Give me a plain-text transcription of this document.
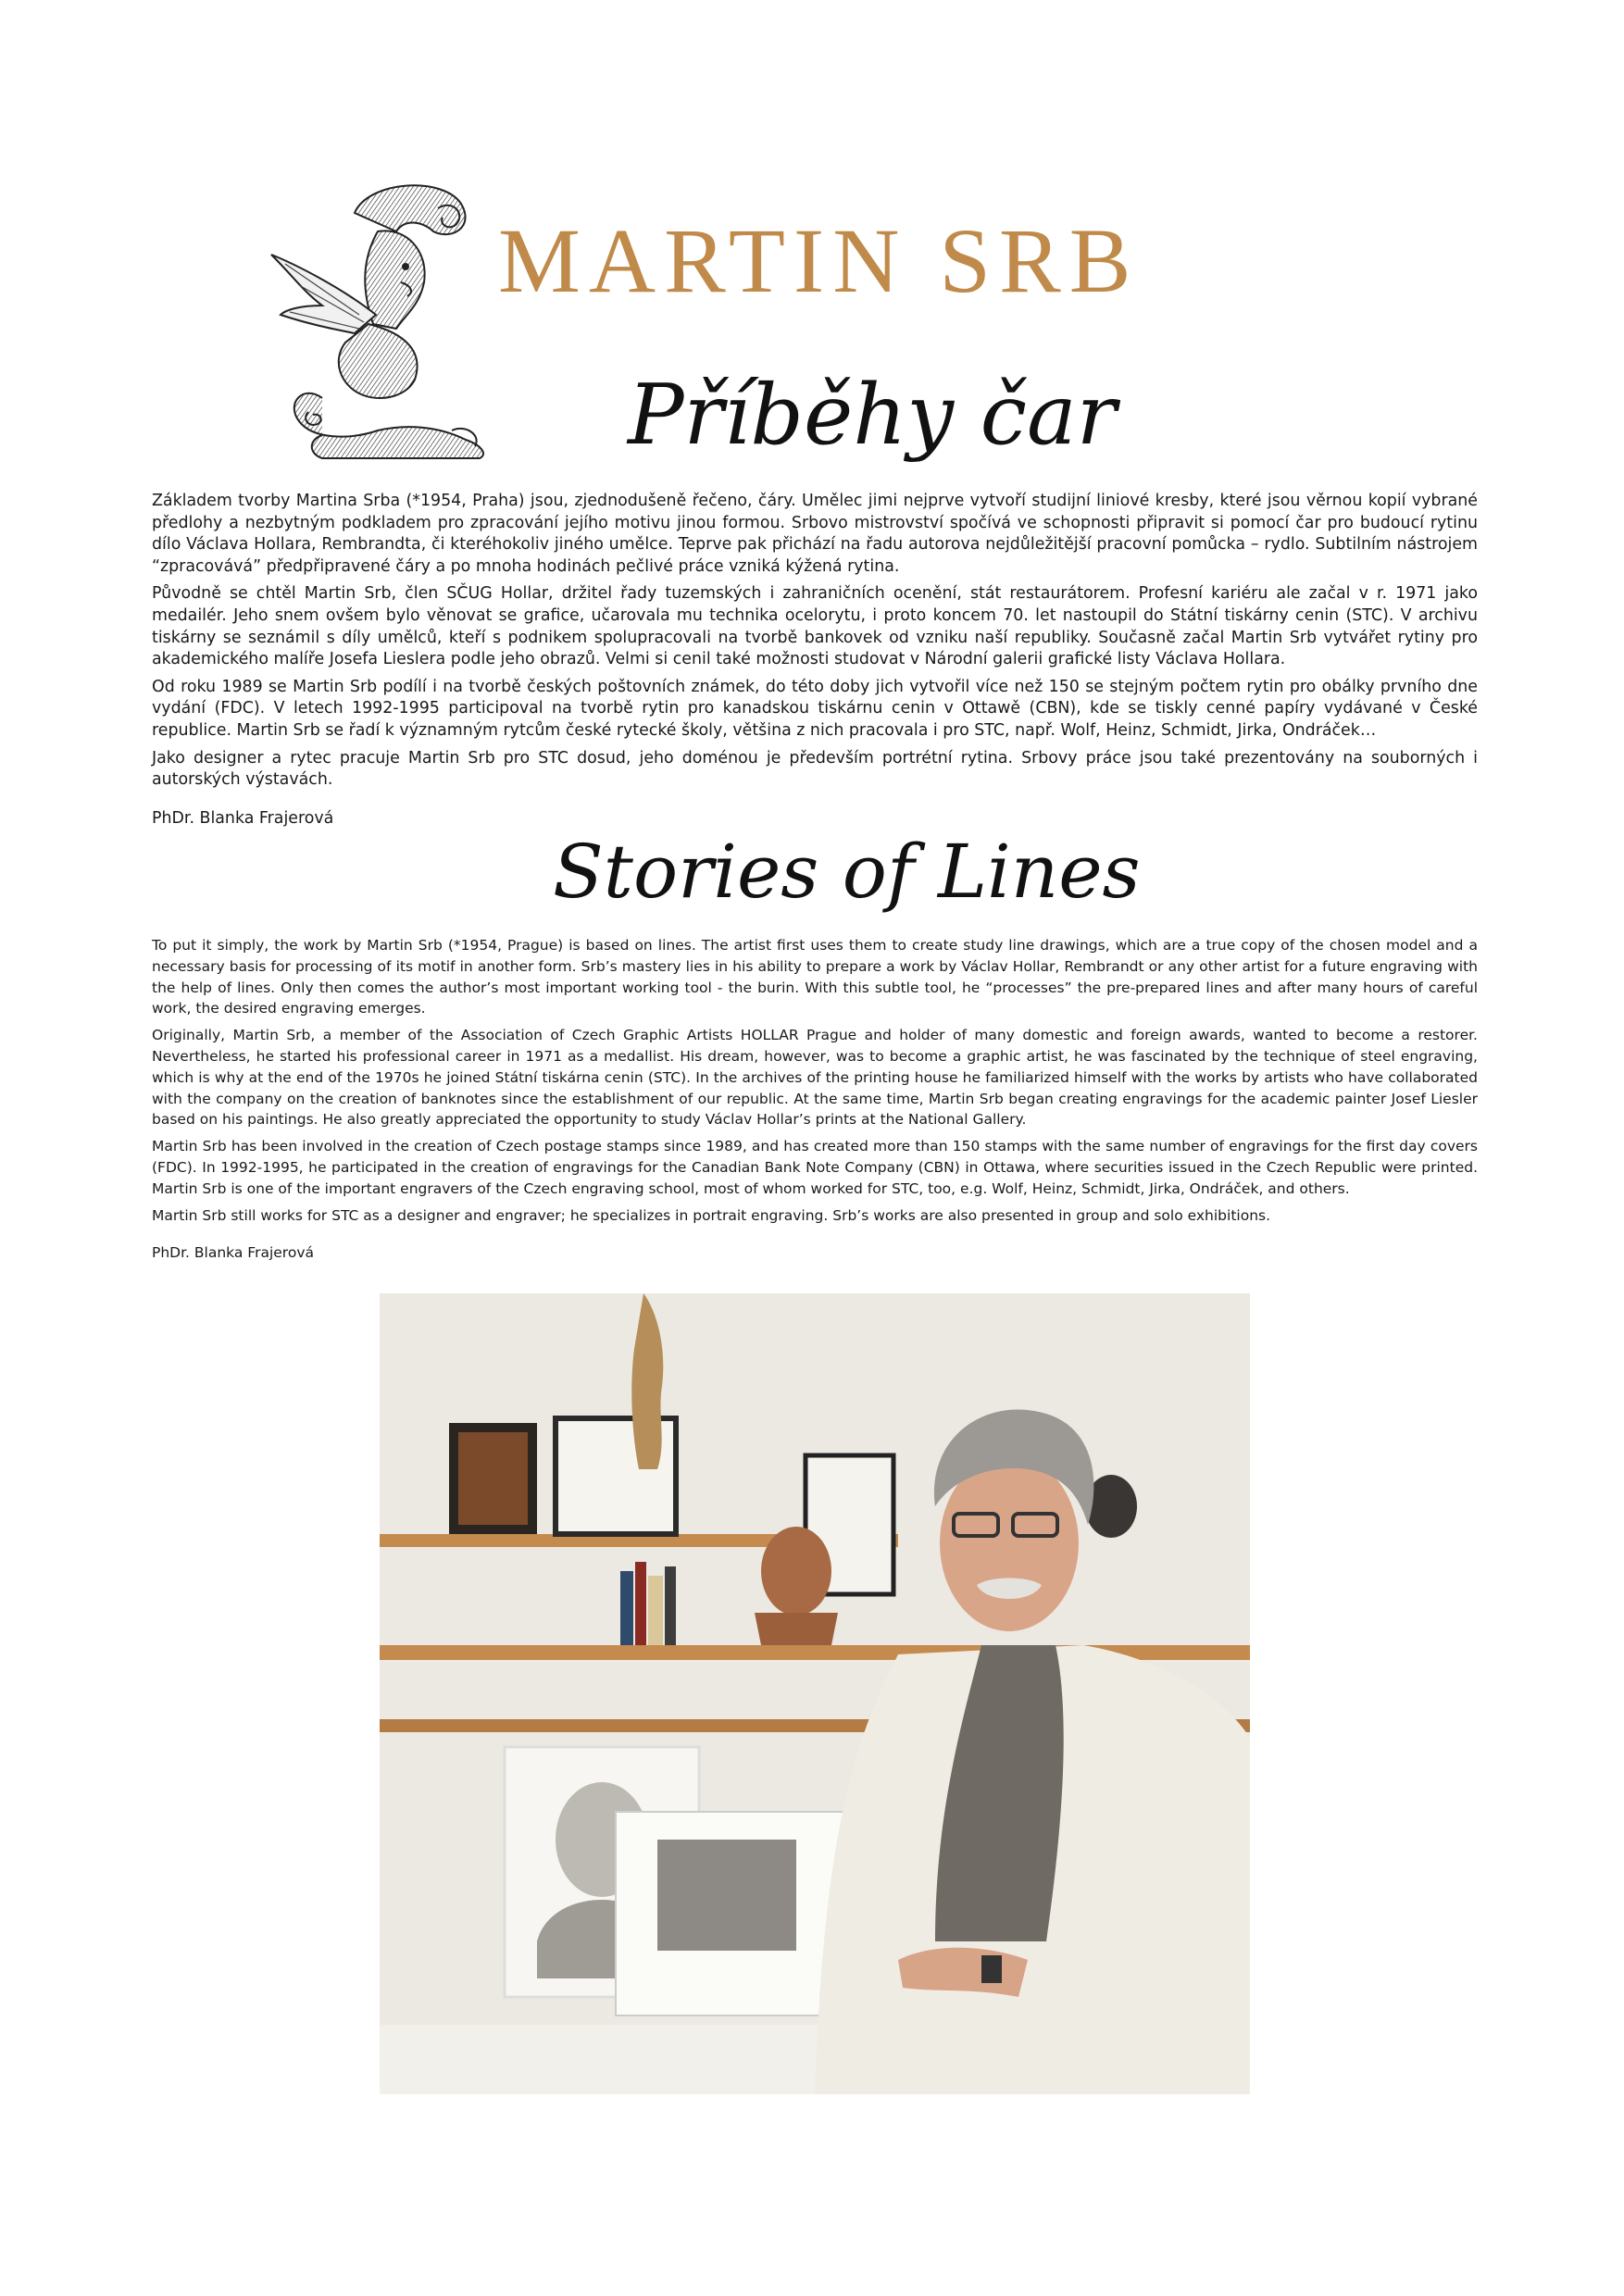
MARTIN SRB
Příběhy čar

Základem tvorby Martina Srba (*1954, Praha) jsou, zjednodušeně řečeno, čáry. Umělec jimi nejprve vytvoří studijní liniové kresby, které jsou věrnou kopií vybrané předlohy a nezbytným podkladem pro zpracování jejího motivu jinou formou. Srbovo mistrovství spočívá ve schopnosti připravit si pomocí čar pro budoucí rytinu dílo Václava Hollara, Rembrandta, či kteréhokoliv jiného umělce. Teprve pak přichází na řadu autorova nejdůležitější pracovní pomůcka – rydlo. Subtilním nástrojem “zpracovává” předpřipravené čáry a po mnoha hodinách pečlivé práce vzniká kýžená rytina.

Původně se chtěl Martin Srb, člen SČUG Hollar, držitel řady tuzemských i zahraničních ocenění, stát restaurátorem. Profesní kariéru ale začal v r. 1971 jako medailér. Jeho snem ovšem bylo věnovat se grafice, učarovala mu technika ocelorytu, i proto koncem 70. let nastoupil do Státní tiskárny cenin (STC). V archivu tiskárny se seznámil s díly umělců, kteří s podnikem spolupracovali na tvorbě bankovek od vzniku naší republiky. Současně začal Martin Srb vytvářet rytiny pro akademického malíře Josefa Lieslera podle jeho obrazů. Velmi si cenil také možnosti studovat v Národní galerii grafické listy Václava Hollara.

Od roku 1989 se Martin Srb podílí i na tvorbě českých poštovních známek, do této doby jich vytvořil více než 150 se stejným počtem rytin pro obálky prvního dne vydání (FDC). V letech 1992-1995 participoval na tvorbě rytin pro kanadskou tiskárnu cenin v Ottawě (CBN), kde se tiskly cenné papíry vydávané v České republice. Martin Srb se řadí k významným rytcům české rytecké školy, většina z nich pracovala i pro STC, např. Wolf, Heinz, Schmidt, Jirka, Ondráček…

Jako designer a rytec pracuje Martin Srb pro STC dosud, jeho doménou je především portrétní rytina. Srbovy práce jsou také prezentovány na souborných i autorských výstavách.

PhDr. Blanka Frajerová

Stories of Lines

To put it simply, the work by Martin Srb (*1954, Prague) is based on lines. The artist first uses them to create study line drawings, which are a true copy of the chosen model and a necessary basis for processing of its motif in another form. Srb’s mastery lies in his ability to prepare a work by Václav Hollar, Rembrandt or any other artist for a future engraving with the help of lines. Only then comes the author’s most important working tool - the burin. With this subtle tool, he “processes” the pre-prepared lines and after many hours of careful work, the desired engraving emerges.

Originally, Martin Srb, a member of the Association of Czech Graphic Artists HOLLAR Prague and holder of many domestic and foreign awards, wanted to become a restorer. Nevertheless, he started his professional career in 1971 as a medallist. His dream, however, was to become a graphic artist, he was fascinated by the technique of steel engraving, which is why at the end of the 1970s he joined Státní tiskárna cenin (STC). In the archives of the printing house he familiarized himself with the works by artists who have collaborated with the company on the creation of banknotes since the establishment of our republic. At the same time, Martin Srb began creating engravings for the academic painter Josef Liesler based on his paintings. He also greatly appreciated the opportunity to study Václav Hollar’s prints at the National Gallery.

Martin Srb has been involved in the creation of Czech postage stamps since 1989, and has created more than 150 stamps with the same number of engravings for the first day covers (FDC). In 1992-1995, he participated in the creation of engravings for the Canadian Bank Note Company (CBN) in Ottawa, where securities issued in the Czech Republic were printed. Martin Srb is one of the important engravers of the Czech engraving school, most of whom worked for STC, too, e.g. Wolf, Heinz, Schmidt, Jirka, Ondráček, and others.

Martin Srb still works for STC as a designer and engraver; he specializes in portrait engraving. Srb’s works are also presented in group and solo exhibitions.

PhDr. Blanka Frajerová
